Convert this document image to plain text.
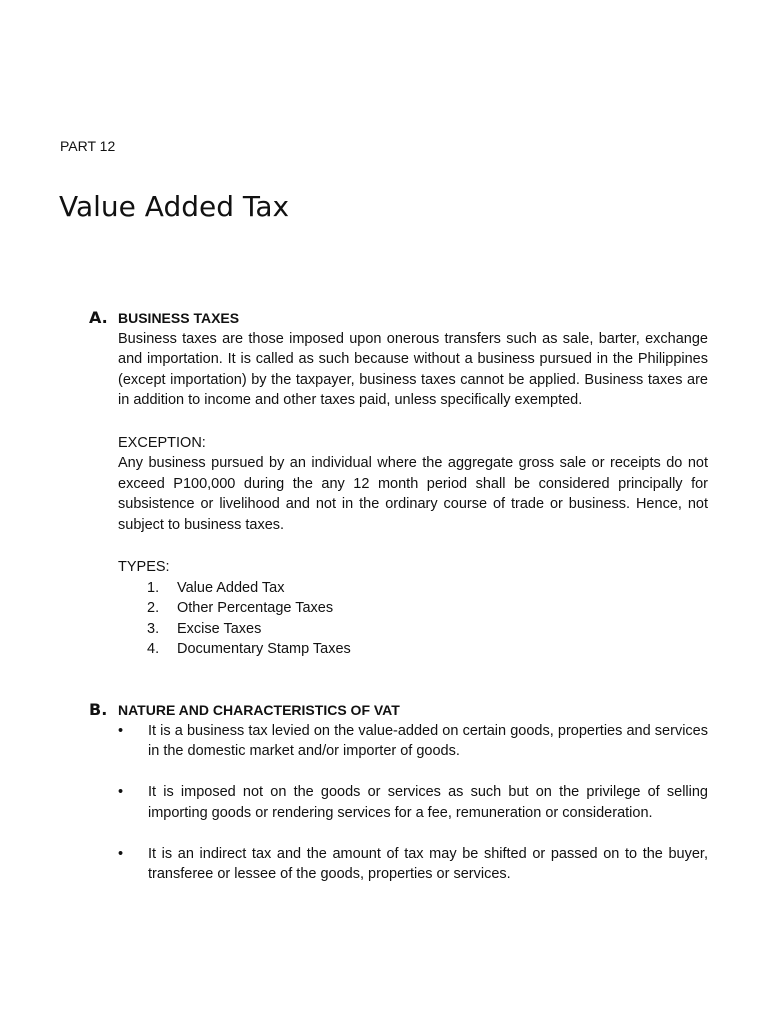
PART 12
Value Added Tax
A. BUSINESS TAXES

Business taxes are those imposed upon onerous transfers such as sale, barter, exchange and importation. It is called as such because without a business pursued in the Philippines (except importation) by the taxpayer, business taxes cannot be applied. Business taxes are in addition to income and other taxes paid, unless specifically exempted.

EXCEPTION:

Any business pursued by an individual where the aggregate gross sale or receipts do not exceed P100,000 during the any 12 month period shall be considered principally for subsistence or livelihood and not in the ordinary course of trade or business. Hence, not subject to business taxes.

TYPES:

1. Value Added Tax
2. Other Percentage Taxes
3. Excise Taxes
4. Documentary Stamp Taxes
B. NATURE AND CHARACTERISTICS OF VAT
• It is a business tax levied on the value-added on certain goods, properties and services in the domestic market and/or importer of goods.
• It is imposed not on the goods or services as such but on the privilege of selling importing goods or rendering services for a fee, remuneration or consideration.
• It is an indirect tax and the amount of tax may be shifted or passed on to the buyer, transferee or lessee of the goods, properties or services.
